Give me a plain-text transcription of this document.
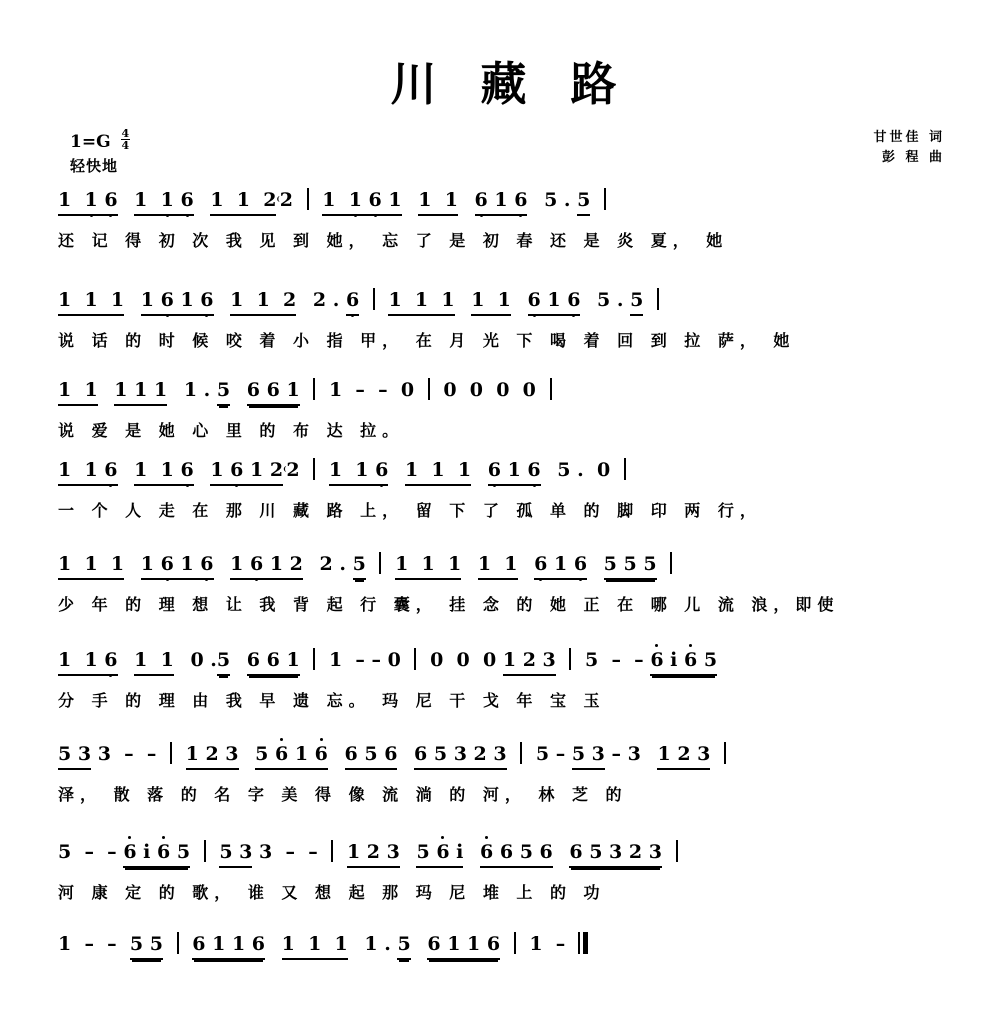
川 藏 路
$1=G \frac{4}{4}$
轻快地
甘世佳 词
彭 程 曲
1  1 6 1  1 6 1  1  2₍2 1  1 6 1 1  1 6 1 6 5 . 5
还 记 得 初 次 我 见 到 她， 忘 了 是 初 春 还 是 炎 夏， 她
1  1  1 1 6 1 6 1  1  2 2 . 6 1  1  1 1  1 6 1 6 5 . 5
说 话 的 时 候 咬 着 小 指 甲， 在 月 光 下 喝 着 回 到 拉 萨， 她
1  1 1 1 1 1 . 5 6 6 1 1  –  –  0 0  0  0  0
说 爱 是 她 心 里 的 布 达 拉。
1  1 6 1  1 6 1 6 1 2₍2 1  1 6 1  1  1 6 1 6 5 .  0
一 个 人 走 在 那 川 藏 路 上， 留 下 了 孤 单 的 脚 印 两 行，
1  1  1 1 6 1 6 1 6 1 2 2 . 5 1  1  1 1  1 6 1 6 5 5 5
少 年 的 理 想 让 我 背 起 行 囊， 挂 念 的 她 正 在 哪 儿 流 浪，即使
1  1 6 1  1 0 .5 6 6 1 1  – – 0 0  0  0 1 2 3 5  –  – 6 i 6 5
分 手 的 理 由 我 早 遗 忘。 玛 尼 干 戈 年 宝 玉
5 3 3  –  – 1 2 3 5 6 1 6 6 5 6 6 5 3 2 3 5 – 5 3 – 3 1 2 3
泽， 散 落 的 名 字 美 得 像 流 淌 的 河， 林 芝 的
5  –  – 6 i 6 5 5 3 3  –  – 1 2 3 5 6 i 6 6 5 6 6 5 3 2 3
河 康 定 的 歌， 谁 又 想 起 那 玛 尼 堆 上 的 功
1  –  – 5 5 6 1 1 6 1  1  1 1 . 5 6 1 1 6 1  –
